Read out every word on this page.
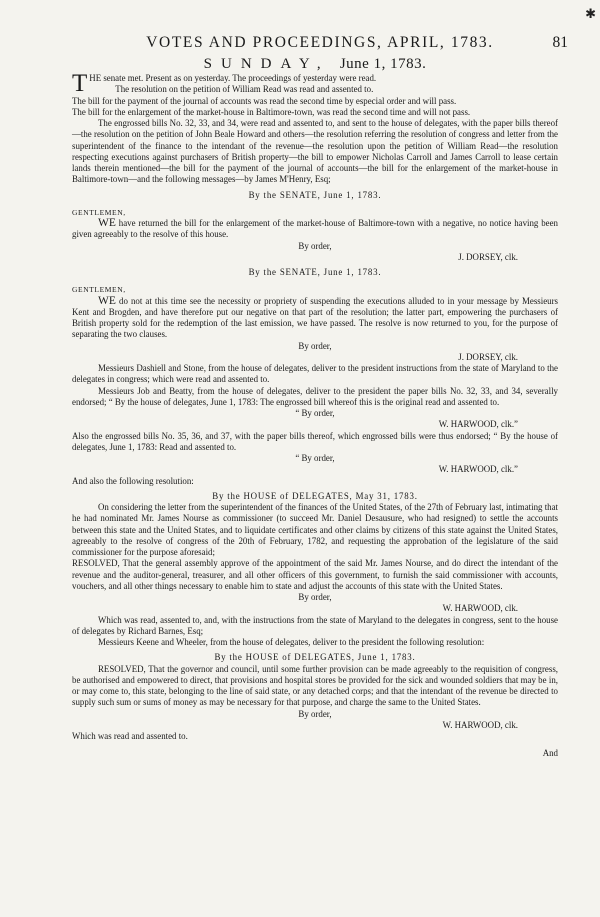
✱
VOTES AND PROCEEDINGS, APRIL, 1783.	81
SUNDAY, June 1, 1783.

THE senate met. Present as on yesterday. The proceedings of yesterday were read.

The resolution on the petition of William Read was read and assented to.

The bill for the payment of the journal of accounts was read the second time by especial order and will pass.

The bill for the enlargement of the market-house in Baltimore-town, was read the second time and will not pass.

The engrossed bills No. 32, 33, and 34, were read and assented to, and sent to the house of delegates, with the paper bills thereof—the resolution on the petition of John Beale Howard and others—the resolution referring the resolution of congress and letter from the superintendent of the finance to the intendant of the revenue—the resolution upon the petition of William Read—the resolution respecting executions against purchasers of British property—the bill to empower Nicholas Carroll and James Carroll to lease certain lands therein mentioned—the bill for the payment of the journal of accounts—the bill for the enlargement of the market-house in Baltimore-town—and the following messages—by James M'Henry, Esq;

By the SENATE, June 1, 1783.

GENTLEMEN,

WE have returned the bill for the enlargement of the market-house of Baltimore-town with a negative, no notice having been given agreeably to the resolve of this house.

By order,

J. DORSEY, clk.

By the SENATE, June 1, 1783.

GENTLEMEN,

WE do not at this time see the necessity or propriety of suspending the executions alluded to in your message by Messieurs Kent and Brogden, and have therefore put our negative on that part of the resolution; the latter part, empowering the purchasers of British property sold for the redemption of the last emission, we have passed. The resolve is now returned to you, for the purpose of separating the two clauses.

By order,

J. DORSEY, clk.

Messieurs Dashiell and Stone, from the house of delegates, deliver to the president instructions from the state of Maryland to the delegates in congress; which were read and assented to.

Messieurs Job and Beatty, from the house of delegates, deliver to the president the paper bills No. 32, 33, and 34, severally endorsed; “ By the house of delegates, June 1, 1783: The engrossed bill whereof this is the original read and assented to.

“ By order,

W. HARWOOD, clk.”

Also the engrossed bills No. 35, 36, and 37, with the paper bills thereof, which engrossed bills were thus endorsed; “ By the house of delegates, June 1, 1783: Read and assented to.

“ By order,

W. HARWOOD, clk.”

And also the following resolution:

By the HOUSE of DELEGATES, May 31, 1783.

On considering the letter from the superintendent of the finances of the United States, of the 27th of February last, intimating that he had nominated Mr. James Nourse as commissioner (to succeed Mr. Daniel Desausure, who had resigned) to settle the accounts between this state and the United States, and to liquidate certificates and other claims by citizens of this state against the United States, agreeably to the resolve of congress of the 20th of February, 1782, and requesting the approbation of the legislature of the said commissioner for the purpose aforesaid;

RESOLVED, That the general assembly approve of the appointment of the said Mr. James Nourse, and do direct the intendant of the revenue and the auditor-general, treasurer, and all other officers of this government, to furnish the said commissioner with accounts, vouchers, and all other things necessary to enable him to state and adjust the accounts of this state with the United States.

By order,

W. HARWOOD, clk.

Which was read, assented to, and, with the instructions from the state of Maryland to the delegates in congress, sent to the house of delegates by Richard Barnes, Esq;

Messieurs Keene and Wheeler, from the house of delegates, deliver to the president the following resolution:

By the HOUSE of DELEGATES, June 1, 1783.

RESOLVED, That the governor and council, until some further provision can be made agreeably to the requisition of congress, be authorised and empowered to direct, that provisions and hospital stores be provided for the sick and wounded soldiers that may be in, or may come to, this state, belonging to the line of said state, or any detached corps; and that the intendant of the revenue be directed to supply such sum or sums of money as may be necessary for that purpose, and charge the same to the United States.

By order,

W. HARWOOD, clk.

Which was read and assented to.

And
